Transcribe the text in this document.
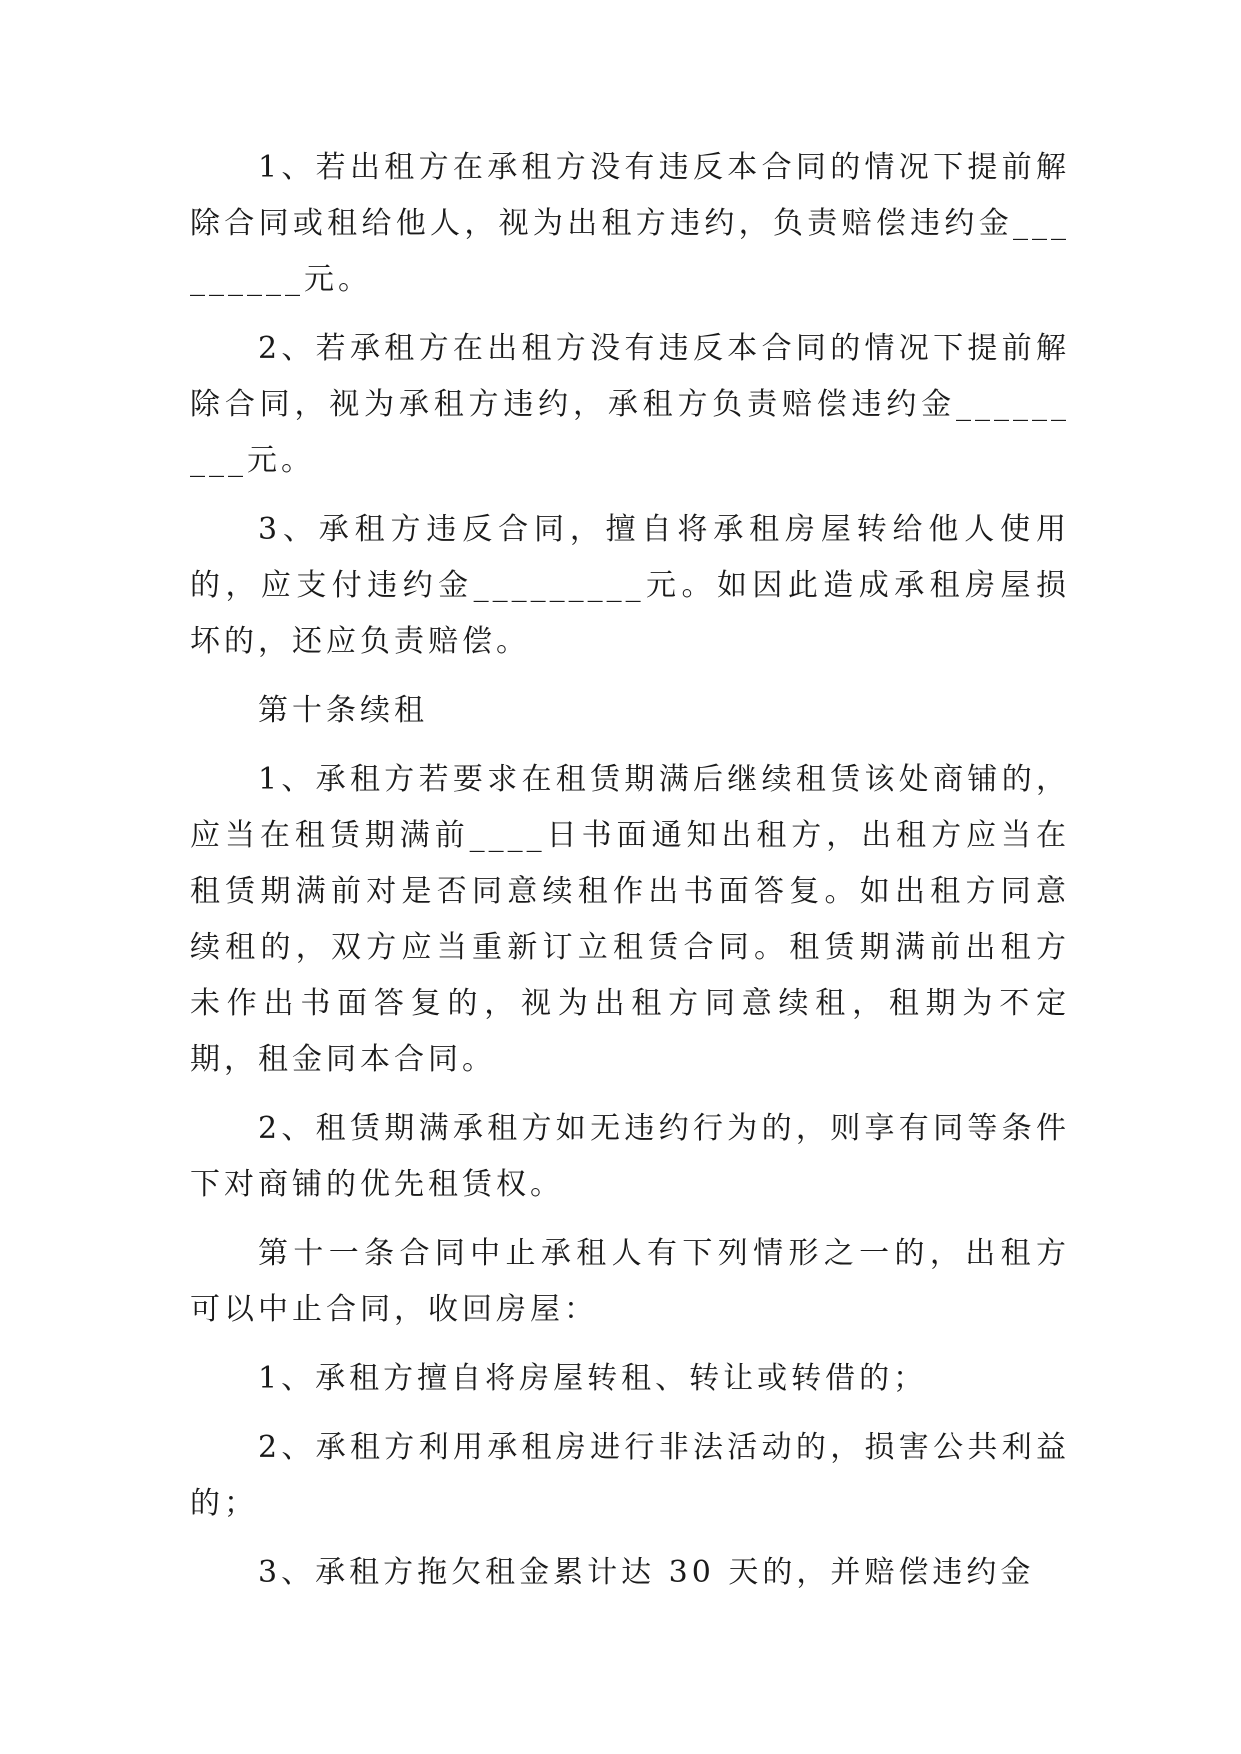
1、若出租方在承租方没有违反本合同的情况下提前解除合同或租给他人，视为出租方违约，负责赔偿违约金_________元。

2、若承租方在出租方没有违反本合同的情况下提前解除合同，视为承租方违约，承租方负责赔偿违约金_________元。

3、承租方违反合同，擅自将承租房屋转给他人使用的，应支付违约金_________元。如因此造成承租房屋损坏的，还应负责赔偿。

第十条续租

1、承租方若要求在租赁期满后继续租赁该处商铺的，应当在租赁期满前____日书面通知出租方，出租方应当在租赁期满前对是否同意续租作出书面答复。如出租方同意续租的，双方应当重新订立租赁合同。租赁期满前出租方未作出书面答复的，视为出租方同意续租，租期为不定期，租金同本合同。

2、租赁期满承租方如无违约行为的，则享有同等条件下对商铺的优先租赁权。

第十一条合同中止承租人有下列情形之一的，出租方可以中止合同，收回房屋：

1、承租方擅自将房屋转租、转让或转借的；

2、承租方利用承租房进行非法活动的，损害公共利益的；

3、承租方拖欠租金累计达 30 天的，并赔偿违约金
